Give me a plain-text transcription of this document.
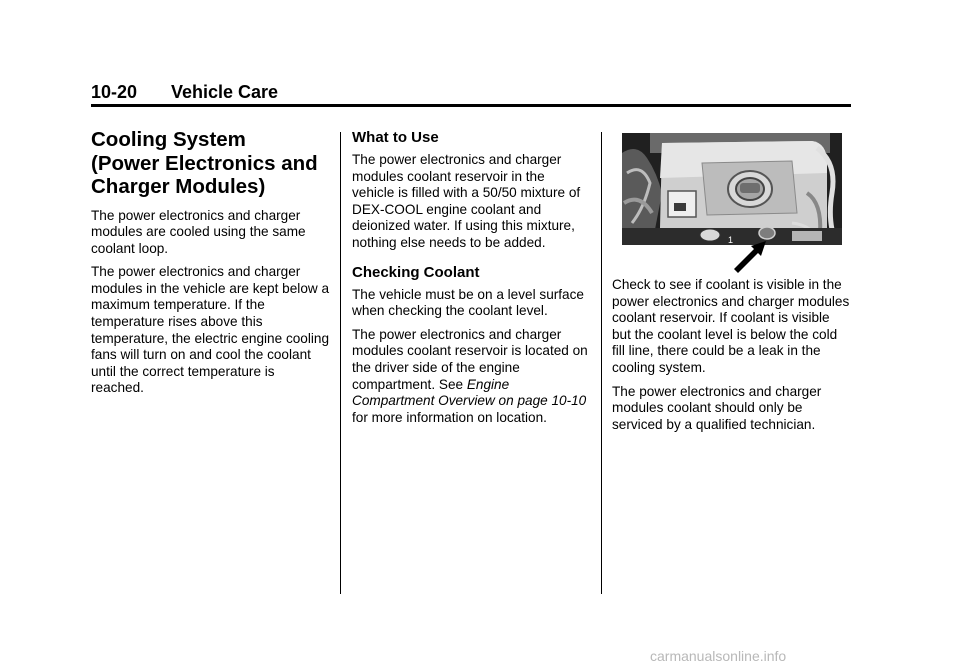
10-20 Vehicle Care
Cooling System
(Power Electronics and
Charger Modules)

The power electronics and charger modules are cooled using the same coolant loop.

The power electronics and charger modules in the vehicle are kept below a maximum temperature. If the temperature rises above this temperature, the electric engine cooling fans will turn on and cool the coolant until the correct temperature is reached.

What to Use

The power electronics and charger modules coolant reservoir in the vehicle is filled with a 50/50 mixture of DEX-COOL engine coolant and deionized water. If using this mixture, nothing else needs to be added.

Checking Coolant

The vehicle must be on a level surface when checking the coolant level.

The power electronics and charger modules coolant reservoir is located on the driver side of the engine compartment. See Engine Compartment Overview on page 10-10 for more information on location.

1

Check to see if coolant is visible in the power electronics and charger modules coolant reservoir. If coolant is visible but the coolant level is below the cold fill line, there could be a leak in the cooling system.

The power electronics and charger modules coolant should only be serviced by a qualified technician.

carmanualsonline.info
